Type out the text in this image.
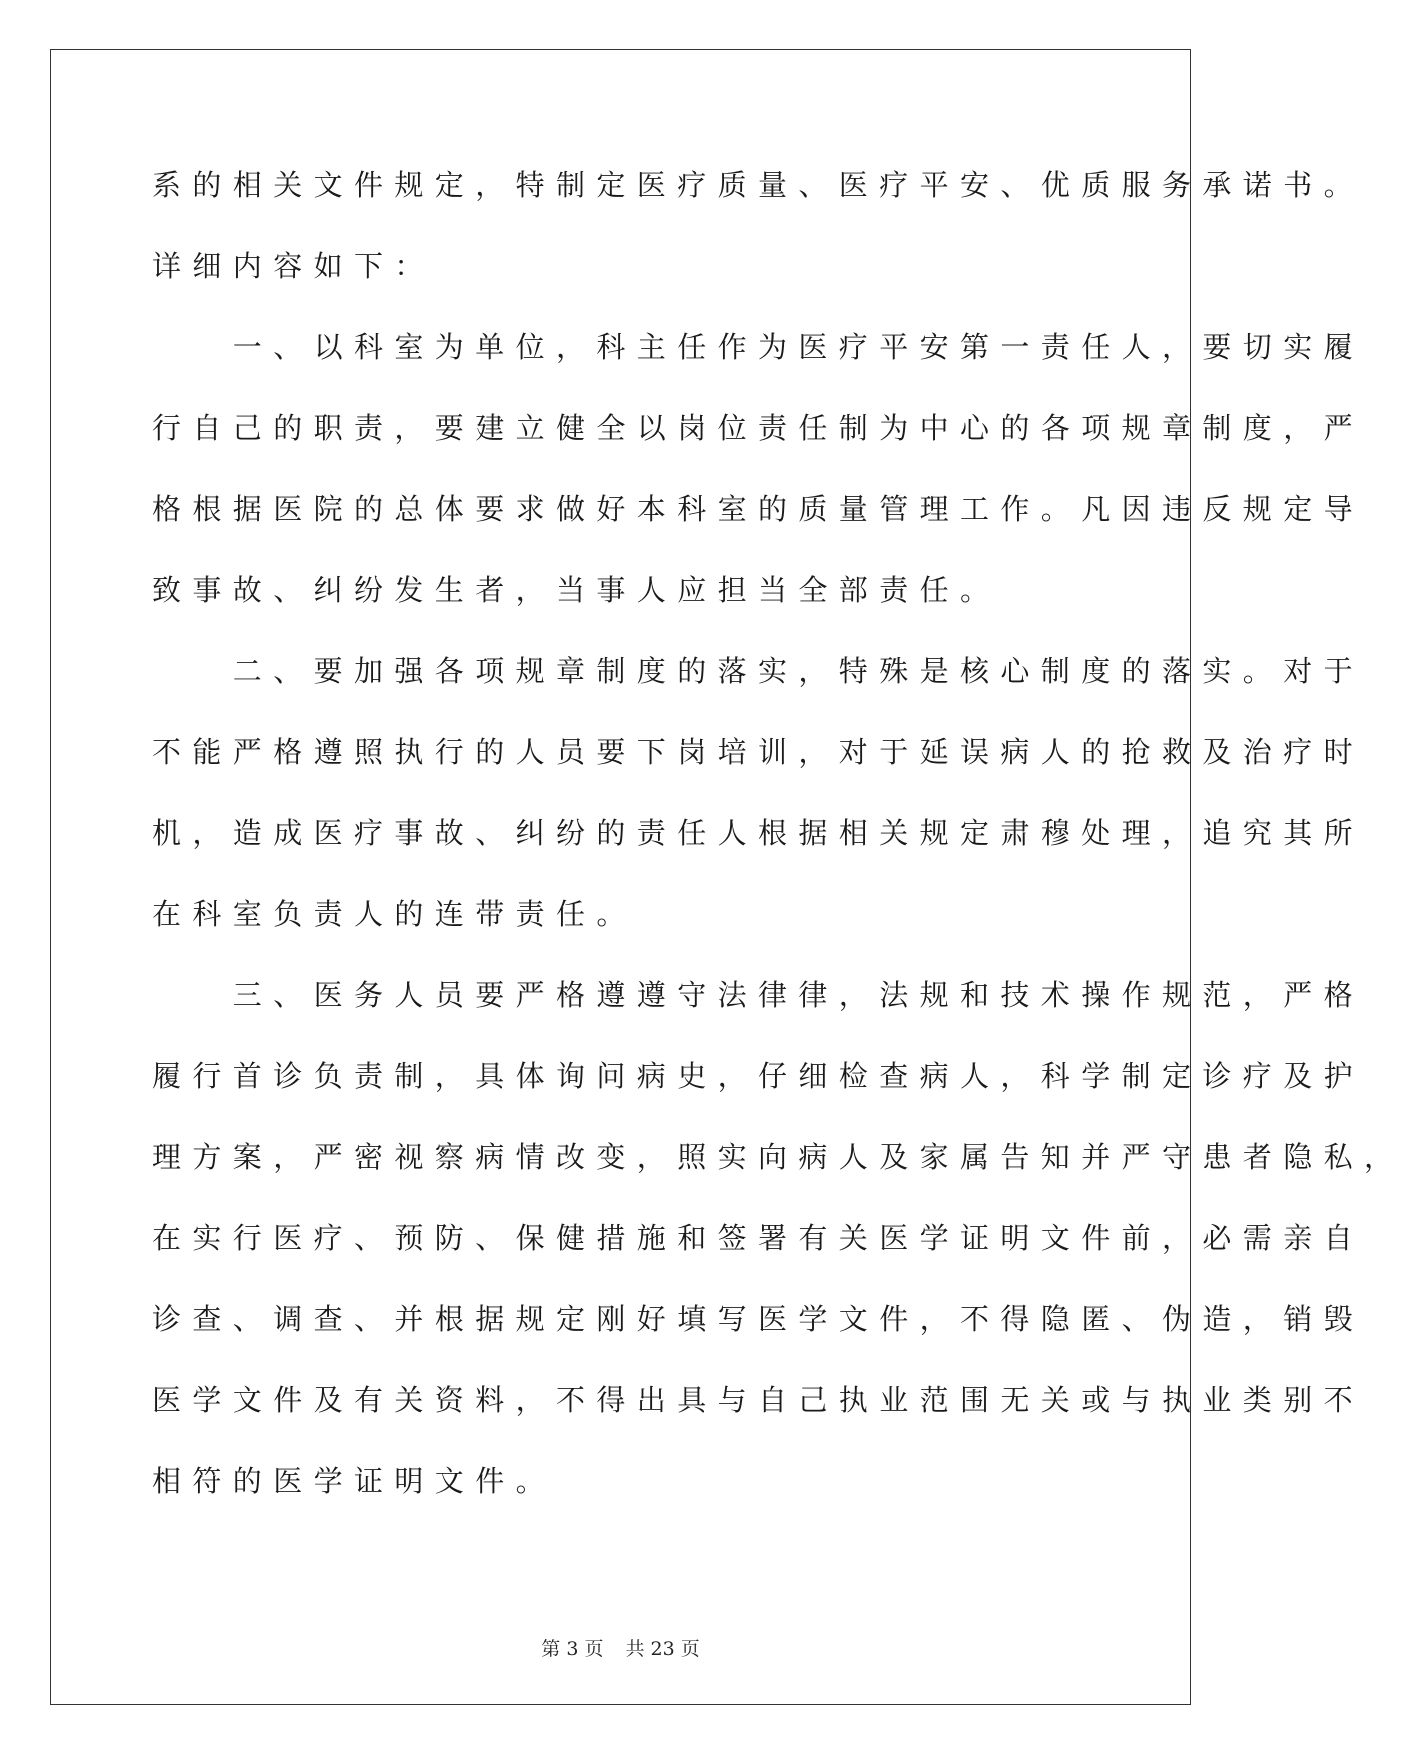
系的相关文件规定，特制定医疗质量、医疗平安、优质服务承诺书。
详细内容如下：
　　一、以科室为单位，科主任作为医疗平安第一责任人，要切实履
行自己的职责，要建立健全以岗位责任制为中心的各项规章制度，严
格根据医院的总体要求做好本科室的质量管理工作。凡因违反规定导
致事故、纠纷发生者，当事人应担当全部责任。
　　二、要加强各项规章制度的落实，特殊是核心制度的落实。对于
不能严格遵照执行的人员要下岗培训，对于延误病人的抢救及治疗时
机，造成医疗事故、纠纷的责任人根据相关规定肃穆处理，追究其所
在科室负责人的连带责任。
　　三、医务人员要严格遵遵守法律律，法规和技术操作规范，严格
履行首诊负责制，具体询问病史，仔细检查病人，科学制定诊疗及护
理方案，严密视察病情改变，照实向病人及家属告知并严守患者隐私，
在实行医疗、预防、保健措施和签署有关医学证明文件前，必需亲自
诊查、调查、并根据规定刚好填写医学文件，不得隐匿、伪造，销毁
医学文件及有关资料，不得出具与自己执业范围无关或与执业类别不
相符的医学证明文件。
第 3 页 共 23 页
